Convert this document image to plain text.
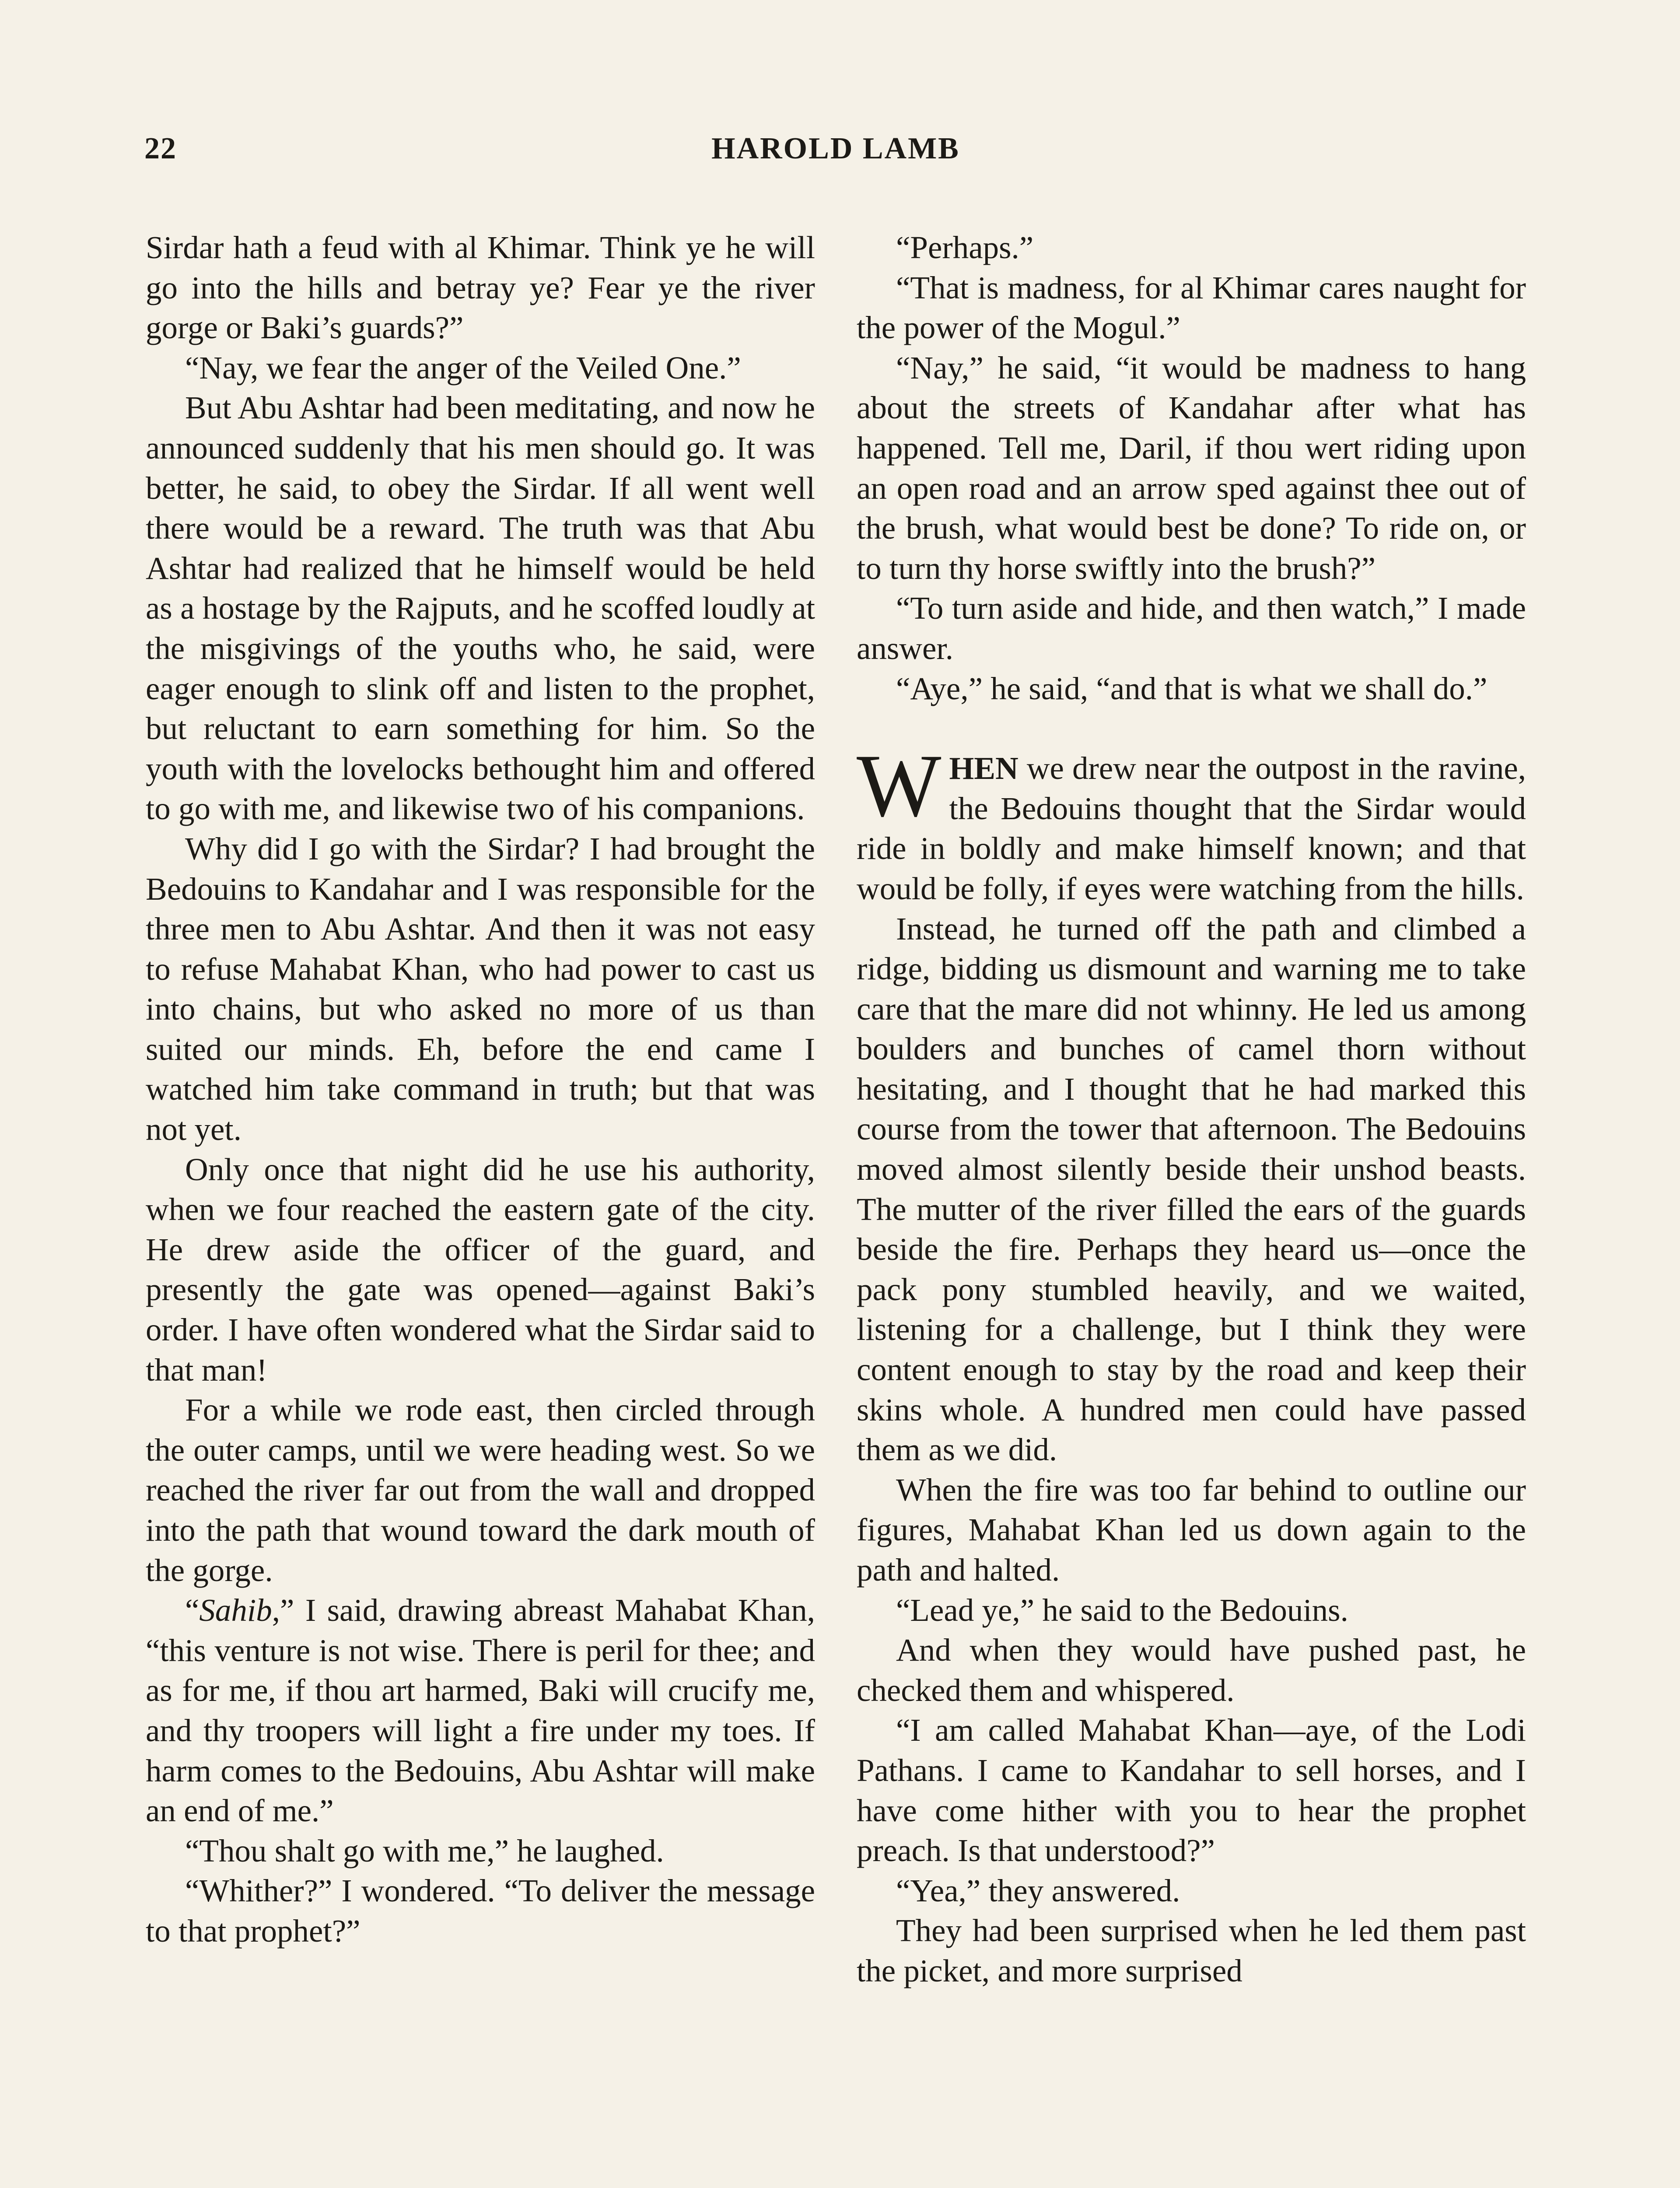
22	HAROLD LAMB

Sirdar hath a feud with al Khimar. Think ye he will go into the hills and betray ye? Fear ye the river gorge or Baki’s guards?”

“Nay, we fear the anger of the Veiled One.”

But Abu Ashtar had been meditating, and now he announced suddenly that his men should go. It was better, he said, to obey the Sirdar. If all went well there would be a reward. The truth was that Abu Ashtar had realized that he himself would be held as a hostage by the Rajputs, and he scoffed loudly at the misgivings of the youths who, he said, were eager enough to slink off and listen to the prophet, but reluctant to earn something for him. So the youth with the lovelocks bethought him and offered to go with me, and likewise two of his companions.

Why did I go with the Sirdar? I had brought the Bedouins to Kandahar and I was responsible for the three men to Abu Ashtar. And then it was not easy to refuse Mahabat Khan, who had power to cast us into chains, but who asked no more of us than suited our minds. Eh, before the end came I watched him take command in truth; but that was not yet.

Only once that night did he use his authority, when we four reached the eastern gate of the city. He drew aside the officer of the guard, and presently the gate was opened—against Baki’s order. I have often wondered what the Sirdar said to that man!

For a while we rode east, then circled through the outer camps, until we were heading west. So we reached the river far out from the wall and dropped into the path that wound toward the dark mouth of the gorge.

“Sahib,” I said, drawing abreast Mahabat Khan, “this venture is not wise. There is peril for thee; and as for me, if thou art harmed, Baki will crucify me, and thy troopers will light a fire under my toes. If harm comes to the Bedouins, Abu Ashtar will make an end of me.”

“Thou shalt go with me,” he laughed.

“Whither?” I wondered. “To deliver the message to that prophet?”

“Perhaps.”

“That is madness, for al Khimar cares naught for the power of the Mogul.”

“Nay,” he said, “it would be madness to hang about the streets of Kandahar after what has happened. Tell me, Daril, if thou wert riding upon an open road and an arrow sped against thee out of the brush, what would best be done? To ride on, or to turn thy horse swiftly into the brush?”

“To turn aside and hide, and then watch,” I made answer.

“Aye,” he said, “and that is what we shall do.”

WHEN we drew near the outpost in the ravine, the Bedouins thought that the Sirdar would ride in boldly and make himself known; and that would be folly, if eyes were watching from the hills.

Instead, he turned off the path and climbed a ridge, bidding us dismount and warning me to take care that the mare did not whinny. He led us among boulders and bunches of camel thorn without hesitating, and I thought that he had marked this course from the tower that afternoon. The Bedouins moved almost silently beside their unshod beasts. The mutter of the river filled the ears of the guards beside the fire. Perhaps they heard us—once the pack pony stumbled heavily, and we waited, listening for a challenge, but I think they were content enough to stay by the road and keep their skins whole. A hundred men could have passed them as we did.

When the fire was too far behind to outline our figures, Mahabat Khan led us down again to the path and halted.

“Lead ye,” he said to the Bedouins.

And when they would have pushed past, he checked them and whispered.

“I am called Mahabat Khan—aye, of the Lodi Pathans. I came to Kandahar to sell horses, and I have come hither with you to hear the prophet preach. Is that understood?”

“Yea,” they answered.

They had been surprised when he led them past the picket, and more surprised
